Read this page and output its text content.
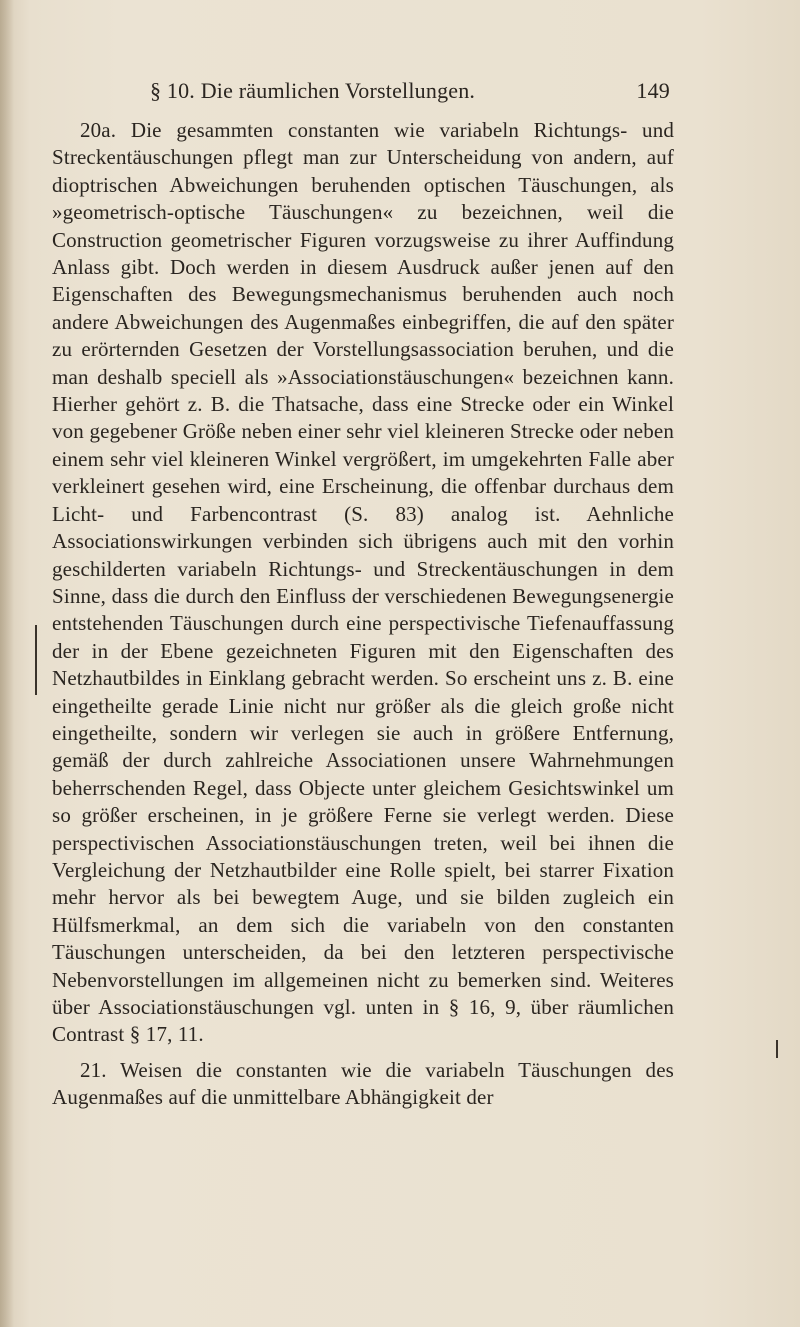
§ 10. Die räumlichen Vorstellungen.	149

20a. Die gesammten constanten wie variabeln Richtungs- und Streckentäuschungen pflegt man zur Unterscheidung von andern, auf dioptrischen Abweichungen beruhenden optischen Täuschungen, als »geometrisch-optische Täuschungen« zu bezeichnen, weil die Construction geometrischer Figuren vorzugsweise zu ihrer Auffindung Anlass gibt. Doch werden in diesem Ausdruck außer jenen auf den Eigenschaften des Bewegungsmechanismus beruhenden auch noch andere Abweichungen des Augenmaßes einbegriffen, die auf den später zu erörternden Gesetzen der Vorstellungsassociation beruhen, und die man deshalb speciell als »Associationstäuschungen« bezeichnen kann. Hierher gehört z. B. die Thatsache, dass eine Strecke oder ein Winkel von gegebener Größe neben einer sehr viel kleineren Strecke oder neben einem sehr viel kleineren Winkel vergrößert, im umgekehrten Falle aber verkleinert gesehen wird, eine Erscheinung, die offenbar durchaus dem Licht- und Farbencontrast (S. 83) analog ist. Aehnliche Associationswirkungen verbinden sich übrigens auch mit den vorhin geschilderten variabeln Richtungs- und Streckentäuschungen in dem Sinne, dass die durch den Einfluss der verschiedenen Bewegungsenergie entstehenden Täuschungen durch eine perspectivische Tiefenauffassung der in der Ebene gezeichneten Figuren mit den Eigenschaften des Netzhautbildes in Einklang gebracht werden. So erscheint uns z. B. eine eingetheilte gerade Linie nicht nur größer als die gleich große nicht eingetheilte, sondern wir verlegen sie auch in größere Entfernung, gemäß der durch zahlreiche Associationen unsere Wahrnehmungen beherrschenden Regel, dass Objecte unter gleichem Gesichtswinkel um so größer erscheinen, in je größere Ferne sie verlegt werden. Diese perspectivischen Associationstäuschungen treten, weil bei ihnen die Vergleichung der Netzhautbilder eine Rolle spielt, bei starrer Fixation mehr hervor als bei bewegtem Auge, und sie bilden zugleich ein Hülfsmerkmal, an dem sich die variabeln von den constanten Täuschungen unterscheiden, da bei den letzteren perspectivische Nebenvorstellungen im allgemeinen nicht zu bemerken sind. Weiteres über Associationstäuschungen vgl. unten in § 16, 9, über räumlichen Contrast § 17, 11.

21. Weisen die constanten wie die variabeln Täuschungen des Augenmaßes auf die unmittelbare Abhängigkeit der
